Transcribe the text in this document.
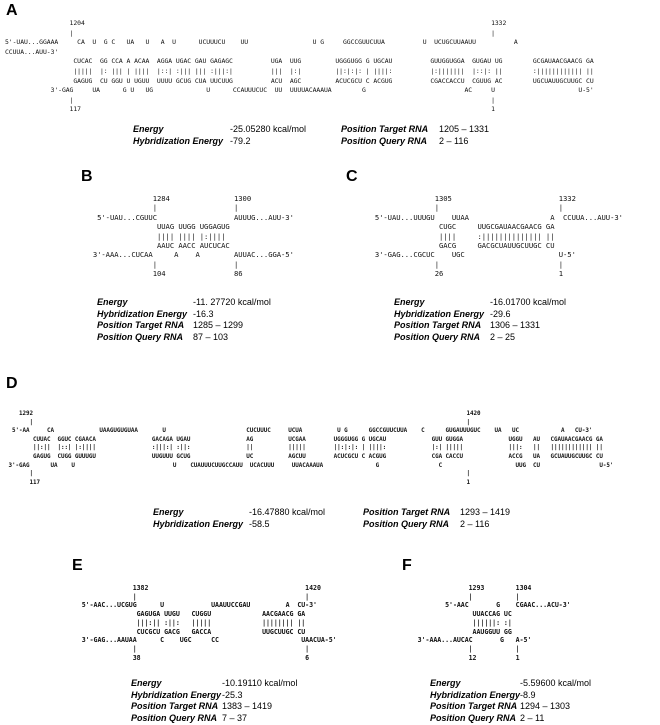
A
1204                                                                                                           1332
|                                                                                                              |
5'-UAU...GGAAA     CA  U  G C   UA   U   A  U      UCUUUCU    UU                 U G     GGCCGUUCUUA          U  UCUGCUUAAUU          A
CCUUA...AUU-3'
CUCAC  GG CCA A ACAA  AGGA UGAC GAU GAGAGC          UGA  UUG         UGGGUGG G UGCAU          GUUGGUGGA  GUGAU UG        GCGAUAACGAACG GA
|||||  |: ||| | ||||  |::| :||| ||| :|||:|          |||  |:|         ||:|:|: | ||||:          |:|||||||  |::|: ||        :|||||||||||| ||
GAGUG  CU GGU U UGUU  UUUU GCUG CUA UUCUUG          ACU  AGC         ACUCGCU C ACGUG          CGACCACCU  CGUUG AC        UGCUAUUGCUUGC CU
3'-GAG     UA      G U   UG              U      CCAUUUCUC  UU  UUUUACAAAUA        G                          AC     U                      U-5'
|                                                                                                              |
117                                                                                                            1
Energy	-25.05280 kcal/mol
Hybridization Energy -79.2
Position Target RNA	1205 – 1331
Position Query RNA	2 – 116
B
1284               1300
|                  |
5'-UAU...CGUUC                  AUUUG...AUU-3'
UUAG UUGG UGGAGUG
|||| |||| |:||||
AAUC AACC AUCUCAC
3'-AAA...CUCAA     A    A        AUUAC...GGA-5'
|                  |
104                86
Energy	-11. 27720 kcal/mol
Hybridization Energy -16.3
Position Target RNA 1285 – 1299
Position Query RNA	87 – 103
C
1305                         1332
|                            |
5'-UAU...UUUGU    UUAA                   A  CCUUA...AUU-3'
CUGC     UUGCGAUAACGAACG GA
||||     :|||||||||||||| ||
GACG     GACGCUAUUGCUUGC CU
3'-GAG...CGCUC    UGC                      U-5'
|                            |
26                           1
Energy	-16.01700 kcal/mol
Hybridization Energy -29.6
Position Target RNA 1306 – 1331
Position Query RNA	2 – 25
D
1292                                                                                                                            1420
|                                                                                                                            |
5'-AA     CA             UAAGUGUGUAA       U                       CUCUUUC     UCUA          U G      GGCCGUUCUUA    C      GUGAUUUGUC    UA   UC            A   CU-3'
CUUAC  GGUC CGAACA                GACAGA UGAU                AG          UCGAA        UGGGUGG G UGCAU             GUU GUGGA             UGGU   AU   CGAUAACGAACG GA
||:||  |::| |:||||                :|||:| :||:                ||          |||||        ||:|:|: | ||||:             |:| |||||             |||:   ||   |||||||||||| ||
GAGUG  CUGG GUUUGU                UUGUUU GCUG                UC          AGCUU        ACUCGCU C ACGUG             CGA CACCU             ACCG   UA   GCUAUUGCUUGC CU
3'-GAG      UA    U                            U    CUAUUUCUUGCCAUU  UCACUUU     UUACAAAUA               G                 C                     UUG  CU                 U-5'
|                                                                                                                            |
117                                                                                                                          1
Energy	-16.47880 kcal/mol
Hybridization Energy -58.5
Position Target RNA	1293 – 1419
Position Query RNA	2 – 116
E
1382                                        1420
|                                           |
5'-AAC...UCGUG      U            UAAUUCCGAU         A  CU-3'
GAGUGA UUGU   CUGGU             AACGAACG GA
|||:|| :||:   |||||             |||||||| ||
CUCGCU GACG   GACCA             UUGCUUGC CU
3'-GAG...AAUAA      C    UGC     CC                     UAACUA-5'
|                                           |
38                                          6
Energy	-10.19110 kcal/mol
Hybridization Energy -25.3
Position Target RNA 1383 – 1419
Position Query RNA 7 – 37
F
1293        1304
|           |
5'-AAC       G    CGAAC...ACU-3'
UUACCAG UC
||||||: :|
AAUGGUU GG
3'-AAA...AUCAC       G   A-5'
|           |
12          1
Energy	-5.59600 kcal/mol
Hybridization Energy -8.9
Position Target RNA 1294 – 1303
Position Query RNA 2 – 11
